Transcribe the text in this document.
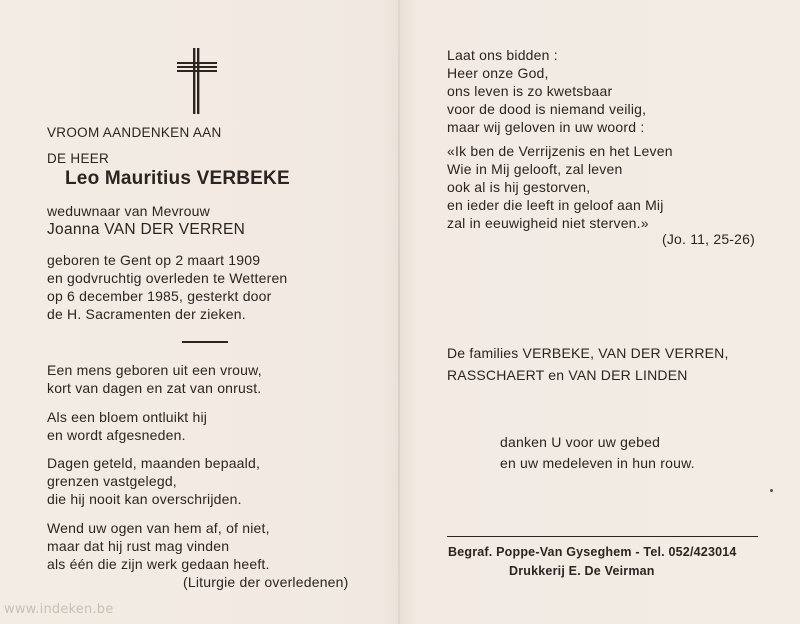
VROOM AANDENKEN AAN
DE HEER
Leo Mauritius VERBEKE
weduwnaar van Mevrouw
Joanna VAN DER VERREN
geboren te Gent op 2 maart 1909
en godvruchtig overleden te Wetteren
op 6 december 1985, gesterkt door
de H. Sacramenten der zieken.
Een mens geboren uit een vrouw,
kort van dagen en zat van onrust.
Als een bloem ontluikt hij
en wordt afgesneden.
Dagen geteld, maanden bepaald,
grenzen vastgelegd,
die hij nooit kan overschrijden.
Wend uw ogen van hem af, of niet,
maar dat hij rust mag vinden
als één die zijn werk gedaan heeft.
(Liturgie der overledenen)
Laat ons bidden :
Heer onze God,
ons leven is zo kwetsbaar
voor de dood is niemand veilig,
maar wij geloven in uw woord :
«Ik ben de Verrijzenis en het Leven
Wie in Mij gelooft, zal leven
ook al is hij gestorven,
en ieder die leeft in geloof aan Mij
zal in eeuwigheid niet sterven.»
(Jo. 11, 25-26)
De families VERBEKE, VAN DER VERREN,
RASSCHAERT en VAN DER LINDEN
danken U voor uw gebed
en uw medeleven in hun rouw.
Begraf. Poppe-Van Gyseghem - Tel. 052/423014
Drukkerij E. De Veirman
www.indeken.be
